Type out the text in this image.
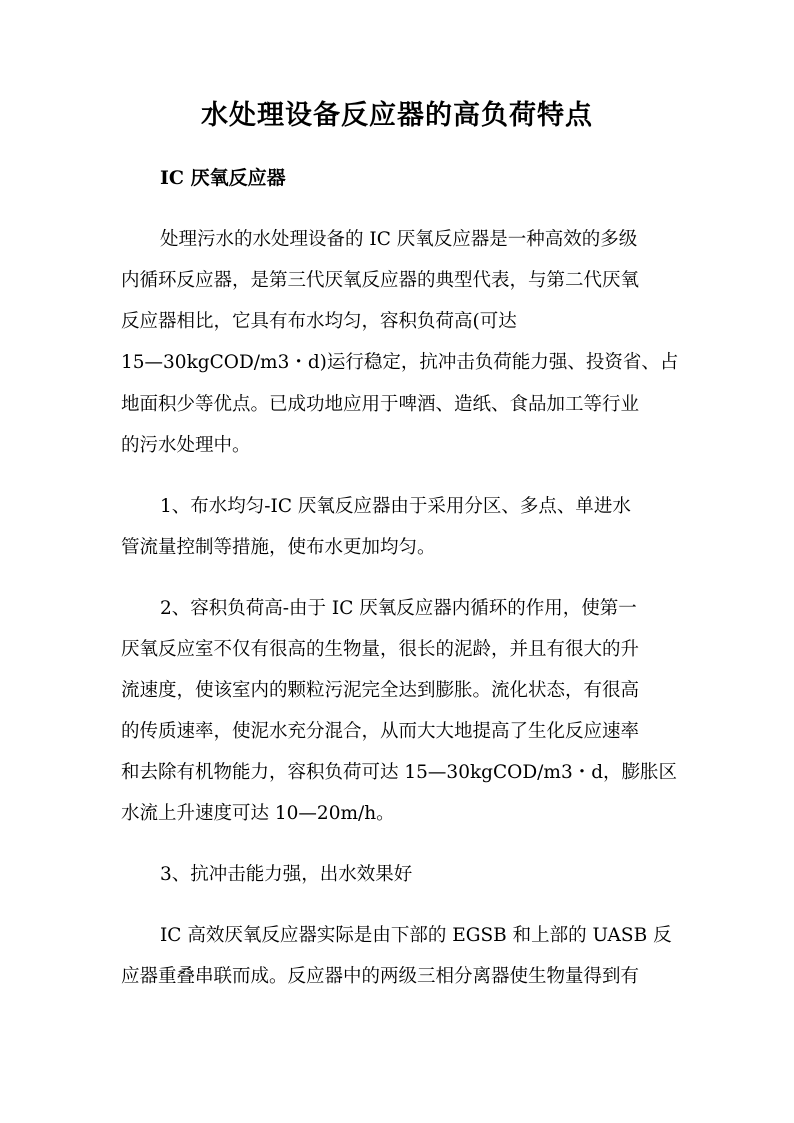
水处理设备反应器的高负荷特点

IC 厌氧反应器

处理污水的水处理设备的 IC 厌氧反应器是一种高效的多级

内循环反应器，是第三代厌氧反应器的典型代表，与第二代厌氧

反应器相比，它具有布水均匀，容积负荷高(可达

15—30kgCOD/m3・d)运行稳定，抗冲击负荷能力强、投资省、占

地面积少等优点。已成功地应用于啤酒、造纸、食品加工等行业

的污水处理中。

1、布水均匀-IC 厌氧反应器由于采用分区、多点、单进水

管流量控制等措施，使布水更加均匀。

2、容积负荷高-由于 IC 厌氧反应器内循环的作用，使第一

厌氧反应室不仅有很高的生物量，很长的泥龄，并且有很大的升

流速度，使该室内的颗粒污泥完全达到膨胀。流化状态，有很高

的传质速率，使泥水充分混合，从而大大地提高了生化反应速率

和去除有机物能力，容积负荷可达 15—30kgCOD/m3・d，膨胀区

水流上升速度可达 10—20m/h。

3、抗冲击能力强，出水效果好

IC 高效厌氧反应器实际是由下部的 EGSB 和上部的 UASB 反

应器重叠串联而成。反应器中的两级三相分离器使生物量得到有
